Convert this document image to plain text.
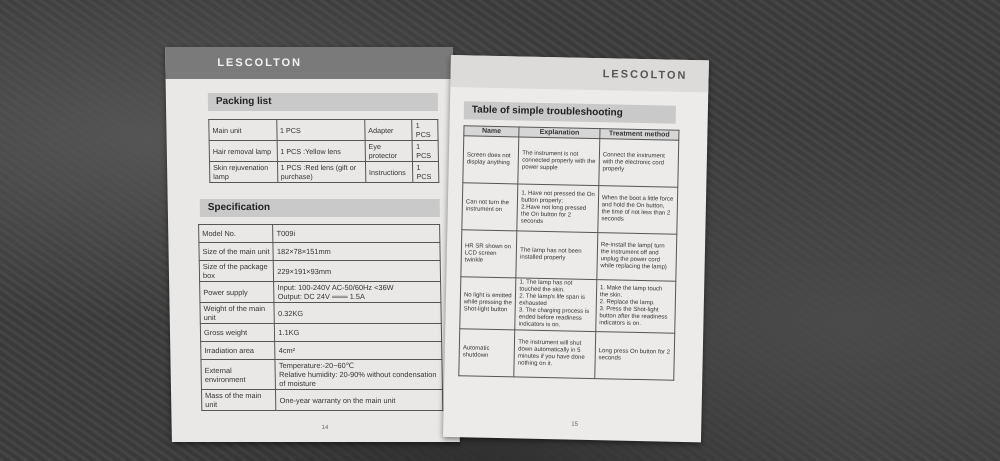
LESCOLTON
Packing list
Main unit	1 PCS	Adapter	1 PCS
Hair removal lamp	1 PCS :Yellow lens	Eye protector	1 PCS
Skin rejuvenation lamp	1 PCS :Red lens (gift or purchase)	Instructions	1 PCS
Specification
Model No.	T009i
Size of the main unit	182×78×151mm
Size of the package box	229×191×93mm
Power supply	Input: 100-240V AC-50/60Hz <36W
Output: DC 24V ═══ 1.5A
Weight of the main unit	0.32KG
Gross weight	1.1KG
Irradiation area	4cm²
External environment	Temperature:-20~60℃
Relative humidity: 20-90% without condensation of moisture
Mass of the main unit	One-year warranty on the main unit
14
LESCOLTON
Table of simple troubleshooting
Name	Explanation	Treatment method
Screen does not display anything	The instrument is not connected properly with the power supple	Connect the instrument with the electronic cord properly
Can not turn the instrument on	1. Have not pressed the On button properly;
2.Have not long pressed the On button for 2 seconds	When the boot a little force and hold the On button, the time of not less than 2 seconds
HR SR shown on LCD screen twinkle	The lamp has not been installed properly	Re-install the lamp( turn the instrument off and unplug the power cord while replacing the lamp)
No light is emitted while pressing the Shot-light button	1. The lamp has not touched the skin.
2. The lamp's life span is exhausted
3. The charging process is ended before readiness indicators is on.	1. Make the lamp touch the skin.
2. Replace the lamp.
3. Press the Shot-light button after the readiness indicators is on.
Automatic shutdown	The instrument will shut down automatically in 5 minutes if you have done nothing on it.	Long press On button for 2 seconds
15
